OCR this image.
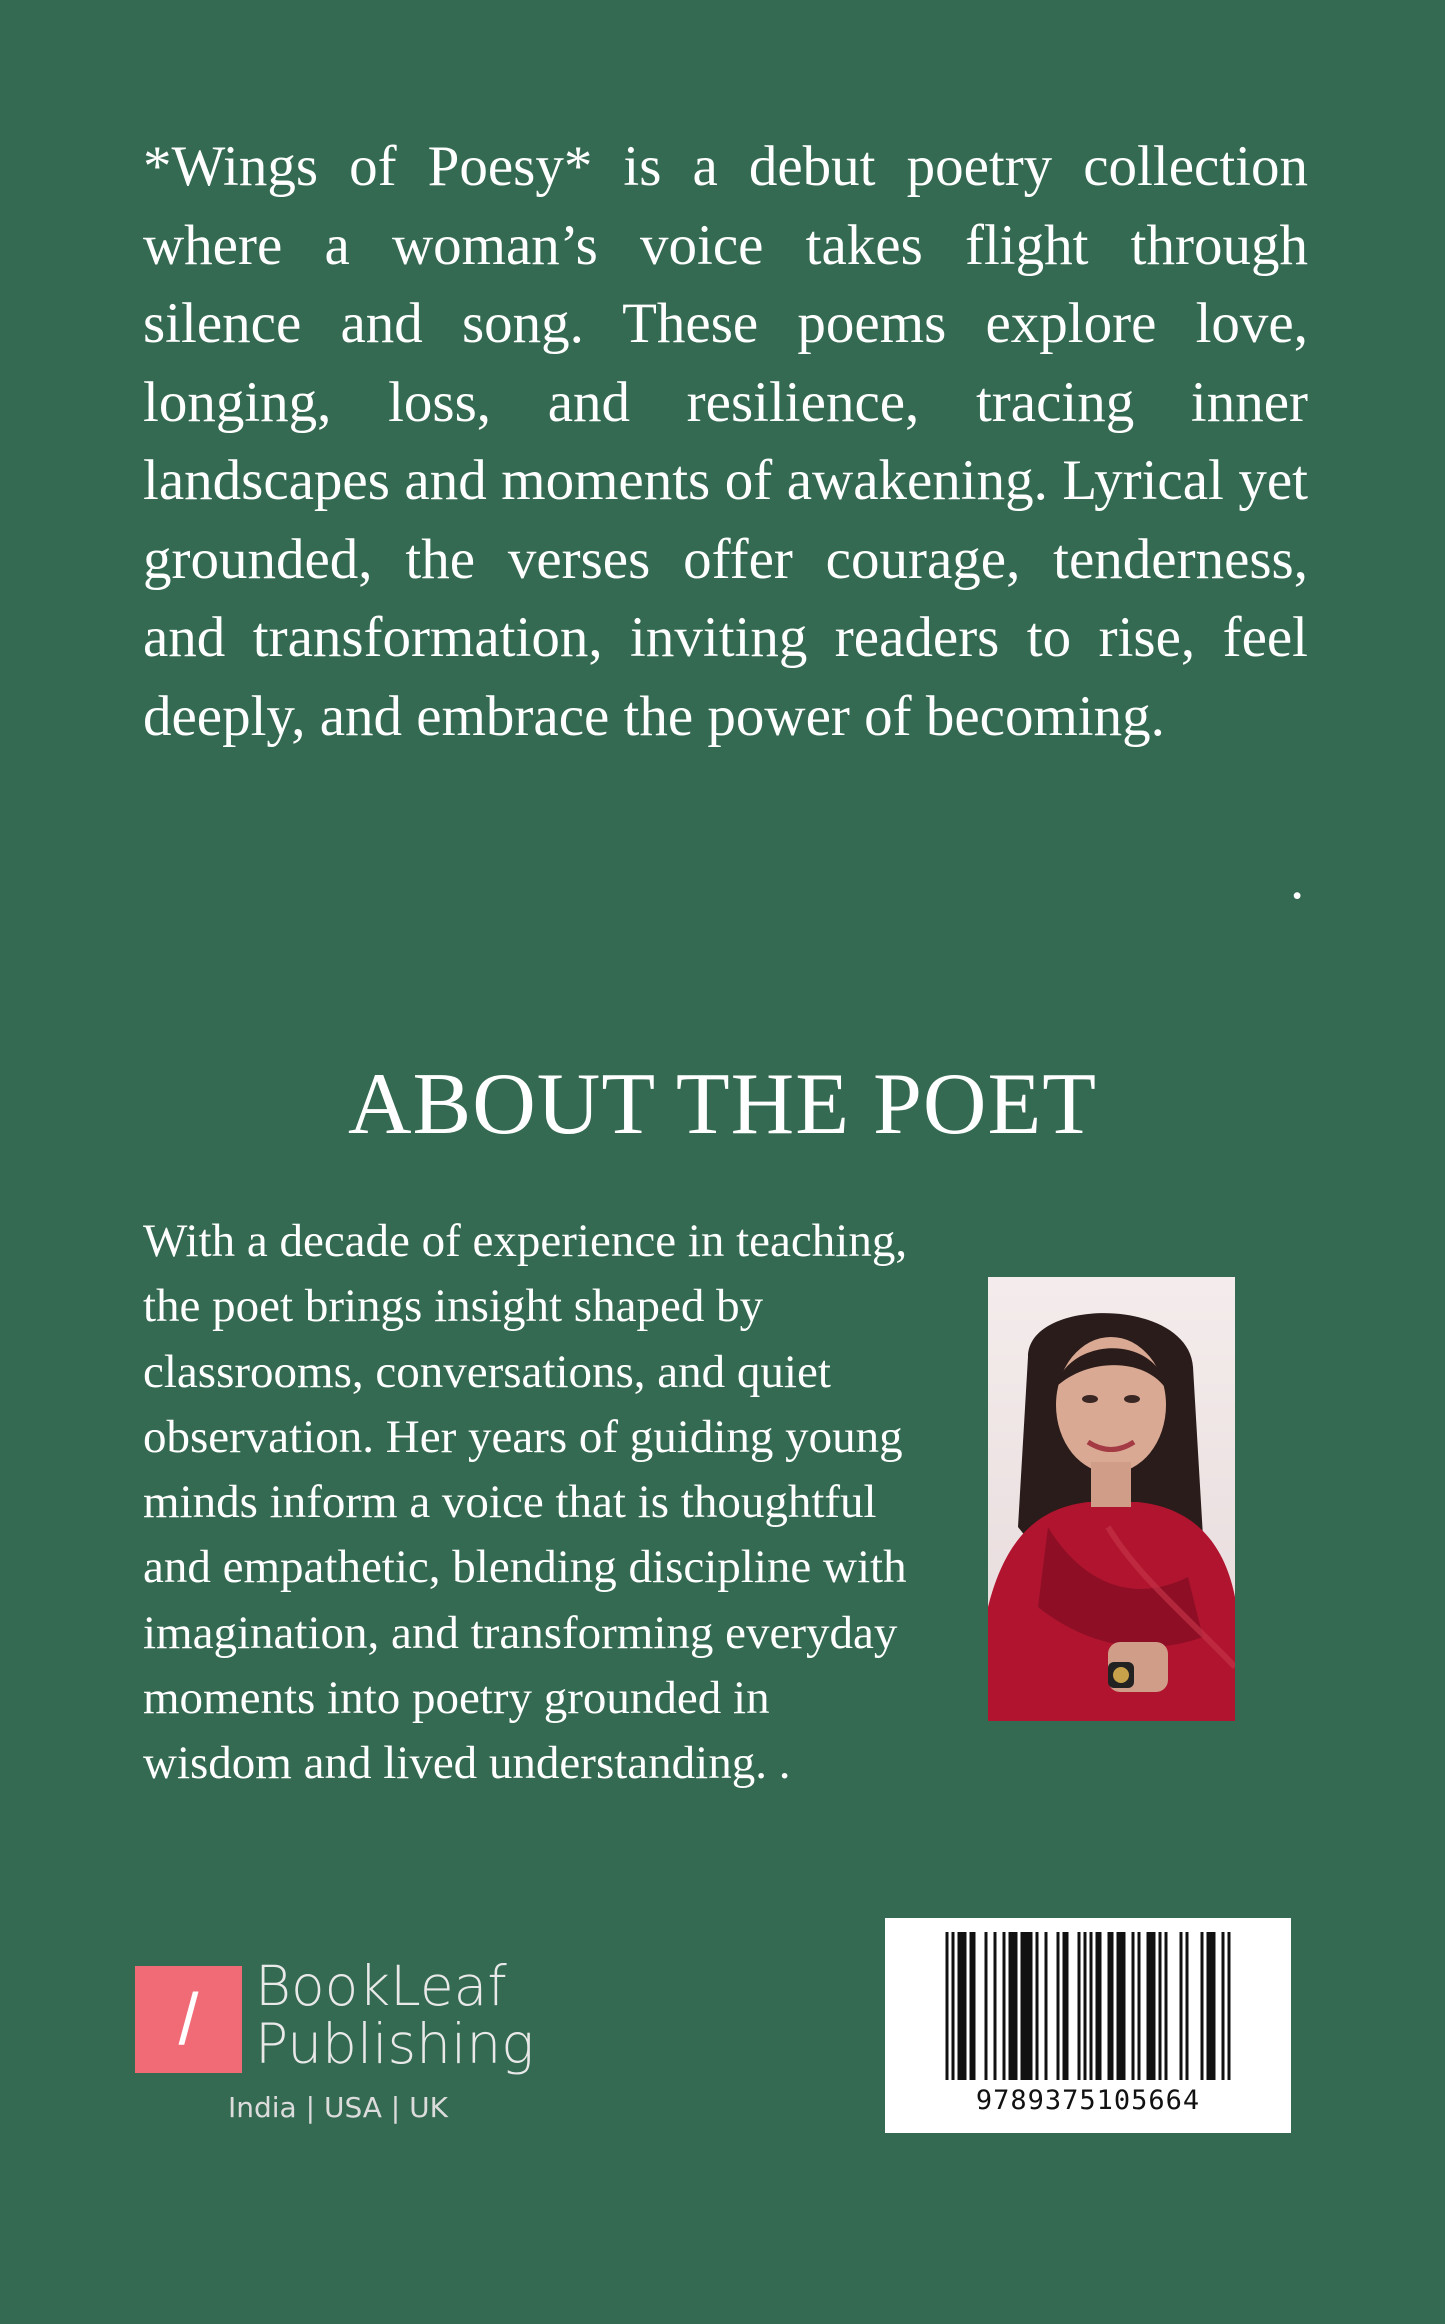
*Wings of Poesy* is a debut poetry collection where a woman’s voice takes flight through silence and song. These poems explore love, longing, loss, and resilience, tracing inner landscapes and moments of awakening. Lyrical yet grounded, the verses offer courage, tenderness, and transformation, inviting readers to rise, feel deeply, and embrace the power of becoming.

.
ABOUT THE POET

With a decade of experience in teaching, the poet brings insight shaped by classrooms, conversations, and quiet observation. Her years of guiding young minds inform a voice that is thoughtful and empathetic, blending discipline with imagination, and transforming everyday moments into poetry grounded in wisdom and lived understanding. .

/	BookLeaf
Publishing
India | USA | UK	9789375105664
